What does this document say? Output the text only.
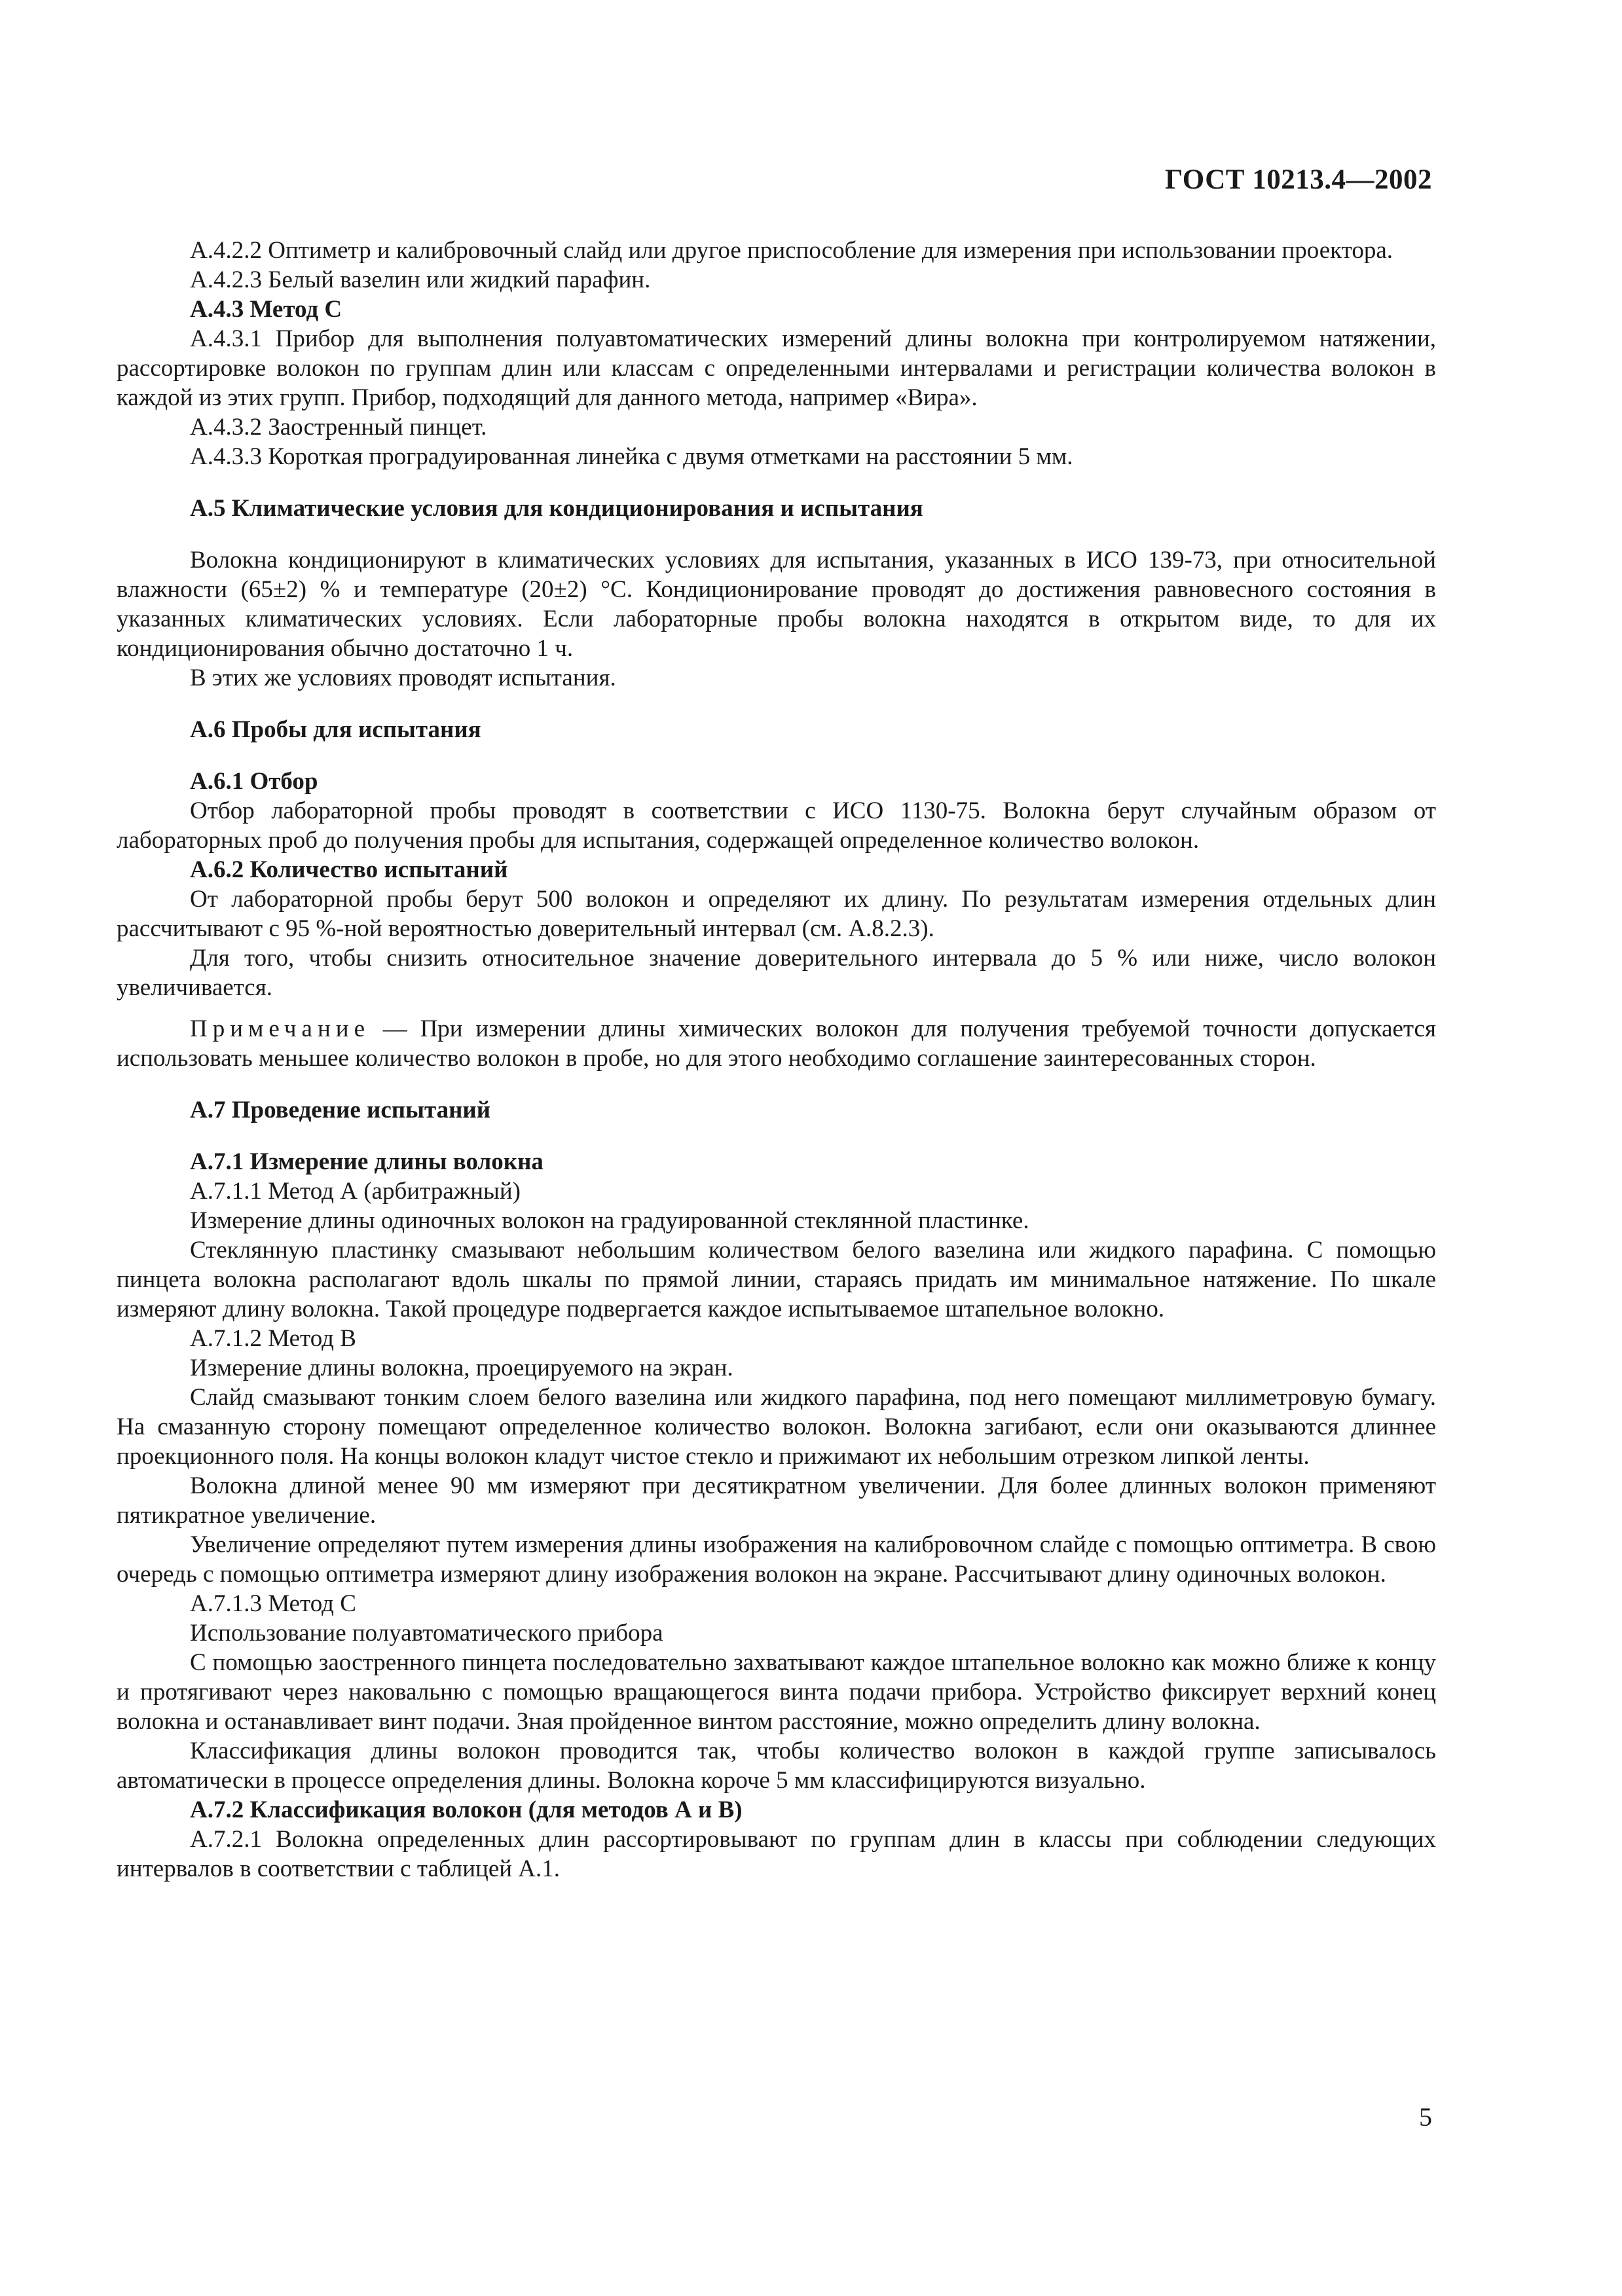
ГОСТ 10213.4—2002

А.4.2.2 Оптиметр и калибровочный слайд или другое приспособление для измерения при использовании проектора.

А.4.2.3 Белый вазелин или жидкий парафин.

А.4.3 Метод С

А.4.3.1 Прибор для выполнения полуавтоматических измерений длины волокна при контролируемом натяжении, рассортировке волокон по группам длин или классам с определенными интервалами и регистрации количества волокон в каждой из этих групп. Прибор, подходящий для данного метода, например «Вира».

А.4.3.2 Заостренный пинцет.

А.4.3.3 Короткая проградуированная линейка с двумя отметками на расстоянии 5 мм.

А.5 Климатические условия для кондиционирования и испытания

Волокна кондиционируют в климатических условиях для испытания, указанных в ИСО 139-73, при относительной влажности (65±2) % и температуре (20±2) °С. Кондиционирование проводят до достижения равновесного состояния в указанных климатических условиях. Если лабораторные пробы волокна находятся в открытом виде, то для их кондиционирования обычно достаточно 1 ч.

В этих же условиях проводят испытания.

А.6 Пробы для испытания

А.6.1 Отбор

Отбор лабораторной пробы проводят в соответствии с ИСО 1130-75. Волокна берут случайным образом от лабораторных проб до получения пробы для испытания, содержащей определенное количество волокон.

А.6.2 Количество испытаний

От лабораторной пробы берут 500 волокон и определяют их длину. По результатам измерения отдельных длин рассчитывают с 95 %-ной вероятностью доверительный интервал (см. А.8.2.3).

Для того, чтобы снизить относительное значение доверительного интервала до 5 % или ниже, число волокон увеличивается.

Примечание — При измерении длины химических волокон для получения требуемой точности допускается использовать меньшее количество волокон в пробе, но для этого необходимо соглашение заинтересованных сторон.

А.7 Проведение испытаний

А.7.1 Измерение длины волокна

А.7.1.1 Метод А (арбитражный)

Измерение длины одиночных волокон на градуированной стеклянной пластинке.

Стеклянную пластинку смазывают небольшим количеством белого вазелина или жидкого парафина. С помощью пинцета волокна располагают вдоль шкалы по прямой линии, стараясь придать им минимальное натяжение. По шкале измеряют длину волокна. Такой процедуре подвергается каждое испытываемое штапельное волокно.

А.7.1.2 Метод В

Измерение длины волокна, проецируемого на экран.

Слайд смазывают тонким слоем белого вазелина или жидкого парафина, под него помещают миллиметровую бумагу. На смазанную сторону помещают определенное количество волокон. Волокна загибают, если они оказываются длиннее проекционного поля. На концы волокон кладут чистое стекло и прижимают их небольшим отрезком липкой ленты.

Волокна длиной менее 90 мм измеряют при десятикратном увеличении. Для более длинных волокон применяют пятикратное увеличение.

Увеличение определяют путем измерения длины изображения на калибровочном слайде с помощью оптиметра. В свою очередь с помощью оптиметра измеряют длину изображения волокон на экране. Рассчитывают длину одиночных волокон.

А.7.1.3 Метод С

Использование полуавтоматического прибора

С помощью заостренного пинцета последовательно захватывают каждое штапельное волокно как можно ближе к концу и протягивают через наковальню с помощью вращающегося винта подачи прибора. Устройство фиксирует верхний конец волокна и останавливает винт подачи. Зная пройденное винтом расстояние, можно определить длину волокна.

Классификация длины волокон проводится так, чтобы количество волокон в каждой группе записывалось автоматически в процессе определения длины. Волокна короче 5 мм классифицируются визуально.

А.7.2 Классификация волокон (для методов А и В)

А.7.2.1 Волокна определенных длин рассортировывают по группам длин в классы при соблюдении следующих интервалов в соответствии с таблицей А.1.

5
